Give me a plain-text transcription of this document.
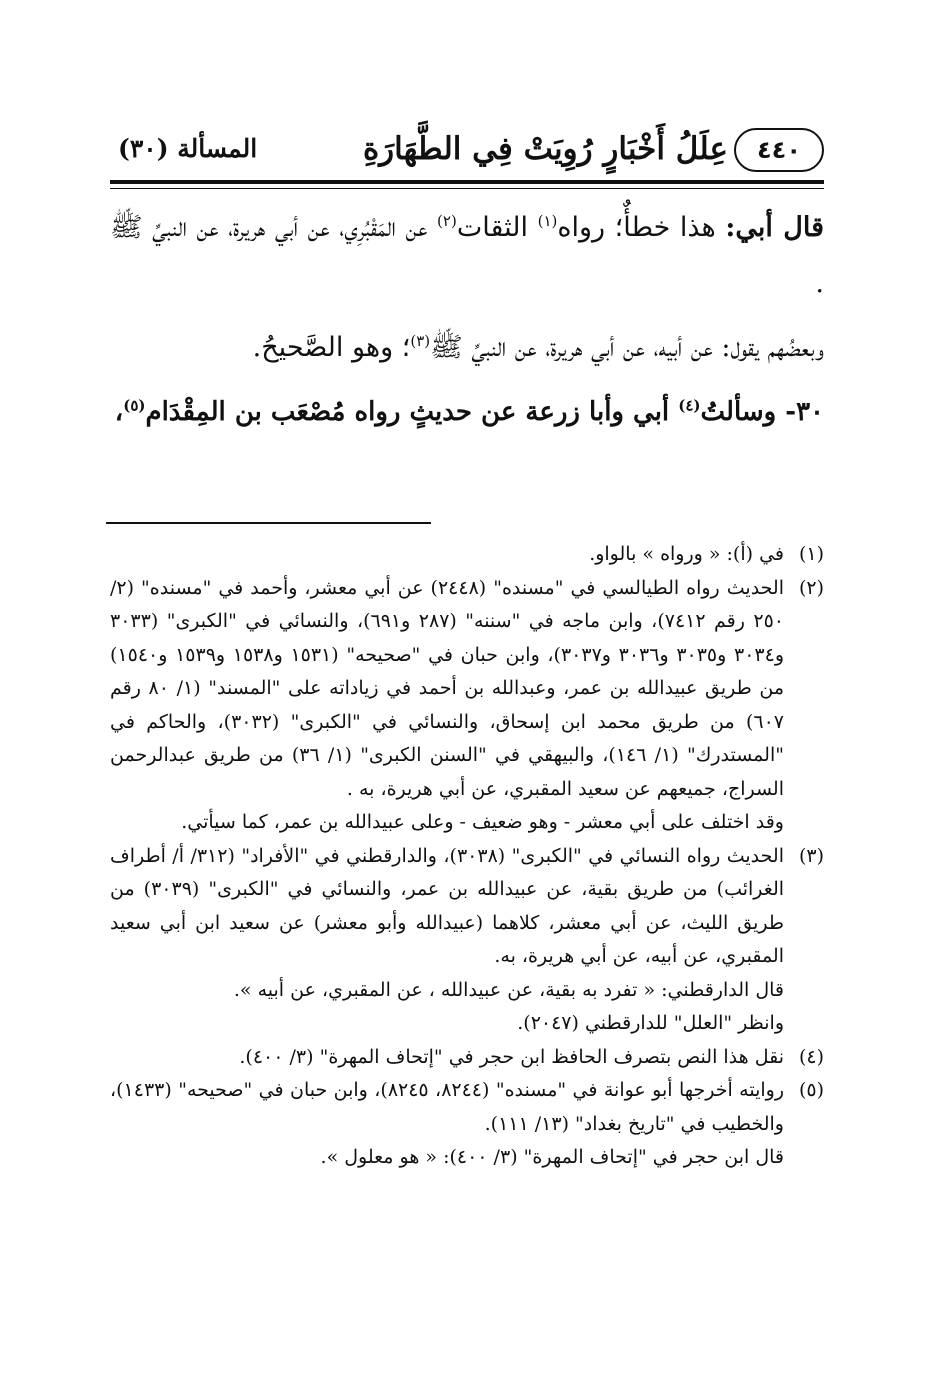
٤٤٠
عِلَلُ أَخْبَارٍ رُوِيَتْ فِي الطَّهَارَةِ
المسألة (٣٠)

قال أبي: هذا خطأٌ؛ رواه$^{(١)}$ الثقات$^{(٢)}$ عن المَقْبُرِي، عن أبي هريرة، عن النبيِّ ﷺ .

وبعضُهم يقول: عن أبيه، عن أبي هريرة، عن النبيِّ ﷺ$^{(٣)}$؛ وهو الصَّحيحُ.

٣٠- وسألتُ$^{(٤)}$ أبي وأبا زرعة عن حديثٍ رواه مُصْعَب بن المِقْدَام$^{(٥)}$،

(١)
في (أ): « ورواه » بالواو.
(٢)
الحديث رواه الطيالسي في "مسنده" (٢٤٤٨) عن أبي معشر، وأحمد في "مسنده" (٢/ ٢٥٠ رقم ٧٤١٢)، وابن ماجه في "سننه" (٢٨٧ و٦٩١)، والنسائي في "الكبرى" (٣٠٣٣ و٣٠٣٤ و٣٠٣٥ و٣٠٣٦ و٣٠٣٧)، وابن حبان في "صحيحه" (١٥٣١ و١٥٣٨ و١٥٣٩ و١٥٤٠) من طريق عبيدالله بن عمر، وعبدالله بن أحمد في زياداته على "المسند" (١/ ٨٠ رقم ٦٠٧) من طريق محمد ابن إسحاق، والنسائي في "الكبرى" (٣٠٣٢)، والحاكم في "المستدرك" (١/ ١٤٦)، والبيهقي في "السنن الكبرى" (١/ ٣٦) من طريق عبدالرحمن السراج، جميعهم عن سعيد المقبري، عن أبي هريرة، به .
وقد اختلف على أبي معشر - وهو ضعيف - وعلى عبيدالله بن عمر، كما سيأتي.
(٣)
الحديث رواه النسائي في "الكبرى" (٣٠٣٨)، والدارقطني في "الأفراد" (٣١٢/ أ/ أطراف الغرائب) من طريق بقية، عن عبيدالله بن عمر، والنسائي في "الكبرى" (٣٠٣٩) من طريق الليث، عن أبي معشر، كلاهما (عبيدالله وأبو معشر) عن سعيد ابن أبي سعيد المقبري، عن أبيه، عن أبي هريرة، به.
قال الدارقطني: « تفرد به بقية، عن عبيدالله ، عن المقبري، عن أبيه ».
وانظر "العلل" للدارقطني (٢٠٤٧).
(٤)
نقل هذا النص بتصرف الحافظ ابن حجر في "إتحاف المهرة" (٣/ ٤٠٠).
(٥)
روايته أخرجها أبو عوانة في "مسنده" (٨٢٤٤، ٨٢٤٥)، وابن حبان في "صحيحه" (١٤٣٣)، والخطيب في "تاريخ بغداد" (١٣/ ١١١).
قال ابن حجر في "إتحاف المهرة" (٣/ ٤٠٠): « هو معلول ».
